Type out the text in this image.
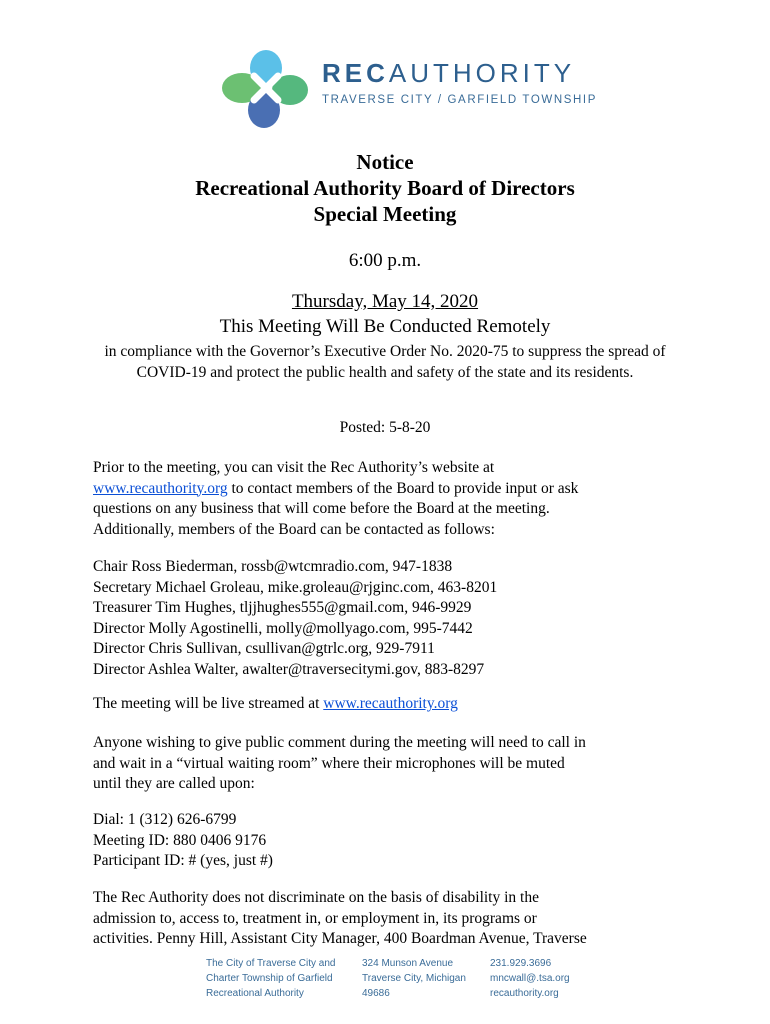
RECAUTHORITY
TRAVERSE CITY / GARFIELD TOWNSHIP
Notice
Recreational Authority Board of Directors
Special Meeting
6:00 p.m.
Thursday, May 14, 2020
This Meeting Will Be Conducted Remotely
in compliance with the Governor’s Executive Order No. 2020-75 to suppress the spread of COVID-19 and protect the public health and safety of the state and its residents.
Posted: 5-8-20
Prior to the meeting, you can visit the Rec Authority’s website at
www.recauthority.org to contact members of the Board to provide input or ask
questions on any business that will come before the Board at the meeting.
Additionally, members of the Board can be contacted as follows:
Chair Ross Biederman, rossb@wtcmradio.com, 947-1838
Secretary Michael Groleau, mike.groleau@rjginc.com, 463-8201
Treasurer Tim Hughes, tljjhughes555@gmail.com, 946-9929
Director Molly Agostinelli, molly@mollyago.com, 995-7442
Director Chris Sullivan, csullivan@gtrlc.org, 929-7911
Director Ashlea Walter, awalter@traversecitymi.gov, 883-8297
The meeting will be live streamed at www.recauthority.org
Anyone wishing to give public comment during the meeting will need to call in
and wait in a “virtual waiting room” where their microphones will be muted
until they are called upon:
Dial: 1 (312) 626-6799
Meeting ID: 880 0406 9176
Participant ID: # (yes, just #)
The Rec Authority does not discriminate on the basis of disability in the
admission to, access to, treatment in, or employment in, its programs or
activities. Penny Hill, Assistant City Manager, 400 Boardman Avenue, Traverse
The City of Traverse City and
Charter Township of Garfield
Recreational Authority
324 Munson Avenue
Traverse City, Michigan
49686
231.929.3696
mncwall@.tsa.org
recauthority.org
